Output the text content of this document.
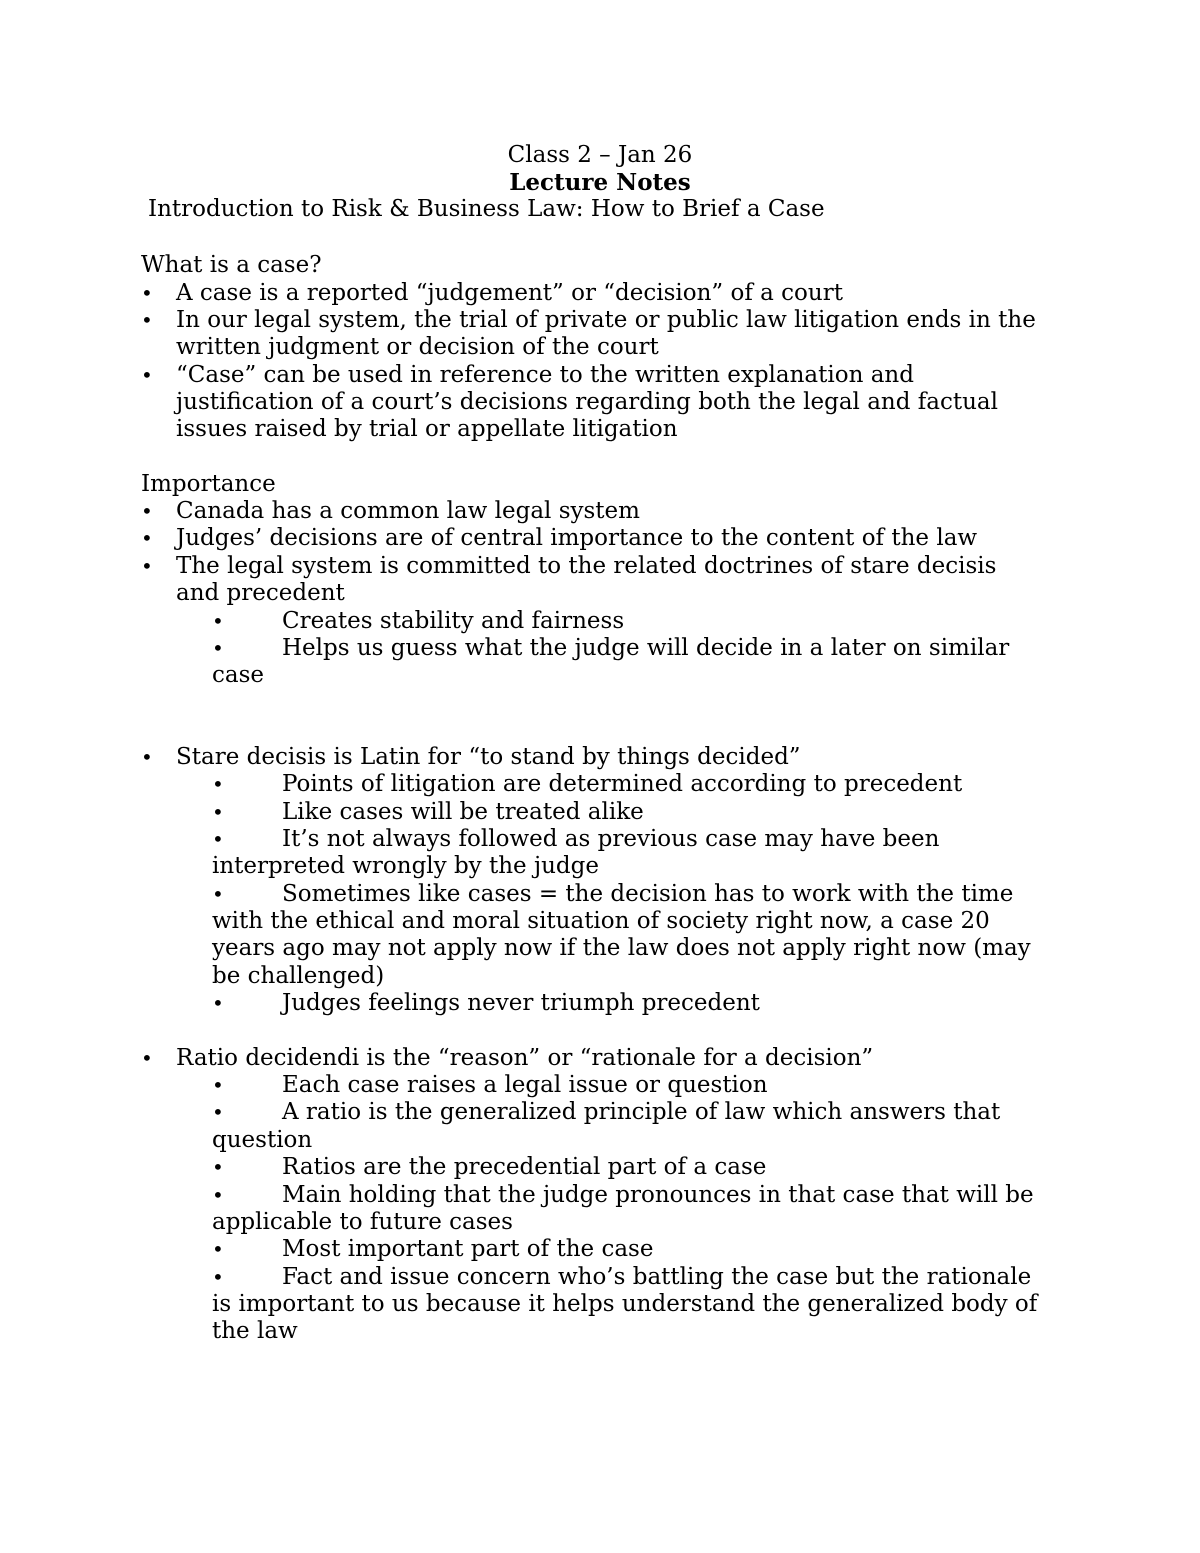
Class 2 – Jan 26
Lecture Notes
Introduction to Risk & Business Law: How to Brief a Case
What is a case?
• A case is a reported “judgement” or “decision” of a court
• In our legal system, the trial of private or public law litigation ends in the
written judgment or decision of the court
• “Case” can be used in reference to the written explanation and
justification of a court’s decisions regarding both the legal and factual
issues raised by trial or appellate litigation
Importance
• Canada has a common law legal system
• Judges’ decisions are of central importance to the content of the law
• The legal system is committed to the related doctrines of stare decisis
and precedent
•	Creates stability and fairness
•	Helps us guess what the judge will decide in a later on similar
case
• Stare decisis is Latin for “to stand by things decided”
•	Points of litigation are determined according to precedent
•	Like cases will be treated alike
•	It’s not always followed as previous case may have been
interpreted wrongly by the judge
•	Sometimes like cases = the decision has to work with the time
with the ethical and moral situation of society right now, a case 20
years ago may not apply now if the law does not apply right now (may
be challenged)
•	Judges feelings never triumph precedent
• Ratio decidendi is the “reason” or “rationale for a decision”
•	Each case raises a legal issue or question
•	A ratio is the generalized principle of law which answers that
question
•	Ratios are the precedential part of a case
•	Main holding that the judge pronounces in that case that will be
applicable to future cases
•	Most important part of the case
•	Fact and issue concern who’s battling the case but the rationale
is important to us because it helps understand the generalized body of
the law
